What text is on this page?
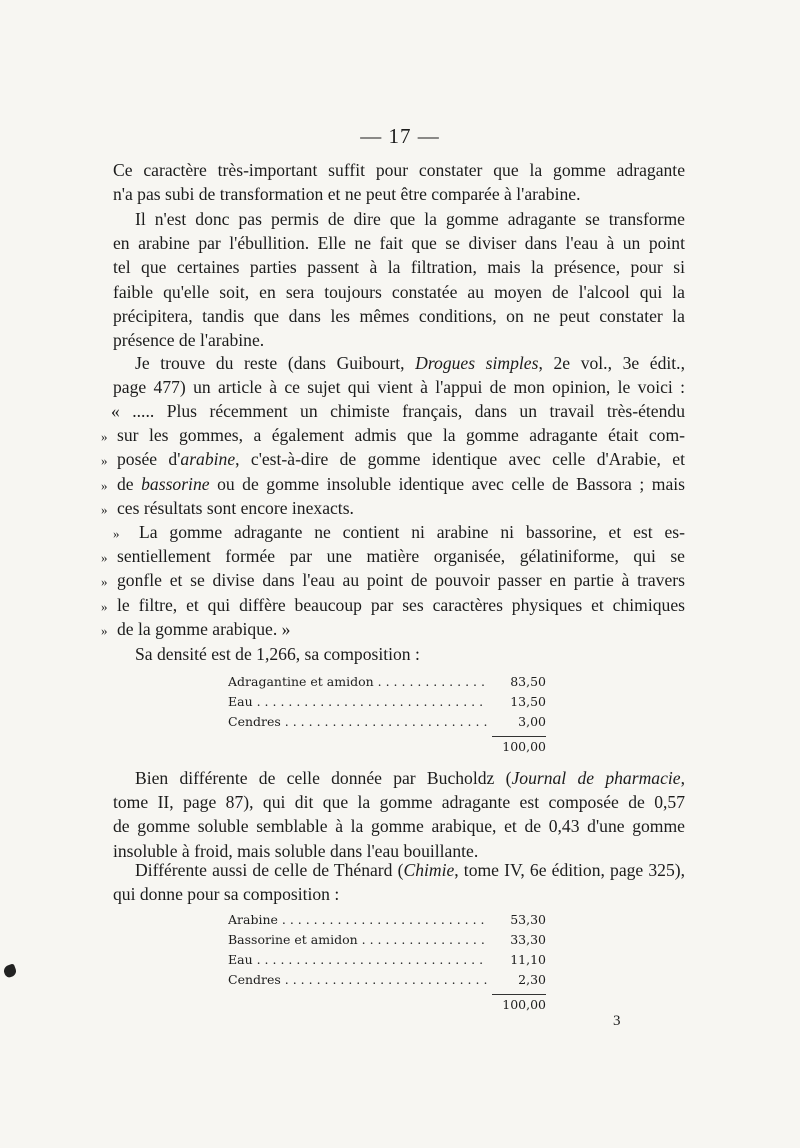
— 17 —
Ce caractère très-important suffit pour constater que la gomme adragante
n'a pas subi de transformation et ne peut être comparée à l'arabine.
Il n'est donc pas permis de dire que la gomme adragante se transforme
en arabine par l'ébullition. Elle ne fait que se diviser dans l'eau à un point
tel que certaines parties passent à la filtration, mais la présence, pour si
faible qu'elle soit, en sera toujours constatée au moyen de l'alcool qui la
précipitera, tandis que dans les mêmes conditions, on ne peut constater la
présence de l'arabine.
Je trouve du reste (dans Guibourt, Drogues simples, 2e vol., 3e édit.,
page 477) un article à ce sujet qui vient à l'appui de mon opinion, le voici :
« ..... Plus récemment un chimiste français, dans un travail très-étendu
» sur les gommes, a également admis que la gomme adragante était com-
» posée d'arabine, c'est-à-dire de gomme identique avec celle d'Arabie, et
» de bassorine ou de gomme insoluble identique avec celle de Bassora ; mais
» ces résultats sont encore inexacts.
» La gomme adragante ne contient ni arabine ni bassorine, et est es-
» sentiellement formée par une matière organisée, gélatiniforme, qui se
» gonfle et se divise dans l'eau au point de pouvoir passer en partie à travers
» le filtre, et qui diffère beaucoup par ses caractères physiques et chimiques
» de la gomme arabique. »
Sa densité est de 1,266, sa composition :
Adragantine et amidon . . .	83,50
Eau . . .	13,50
Cendres . . .	3,00
100,00
Bien différente de celle donnée par Bucholdz (Journal de pharmacie,
tome II, page 87), qui dit que la gomme adragante est composée de 0,57
de gomme soluble semblable à la gomme arabique, et de 0,43 d'une gomme
insoluble à froid, mais soluble dans l'eau bouillante.
Différente aussi de celle de Thénard (Chimie, tome IV, 6e édition, page 325),
qui donne pour sa composition :
Arabine . . .	53,30
Bassorine et amidon . . .	33,30
Eau . . .	11,10
Cendres . . .	2,30
100,00
3
